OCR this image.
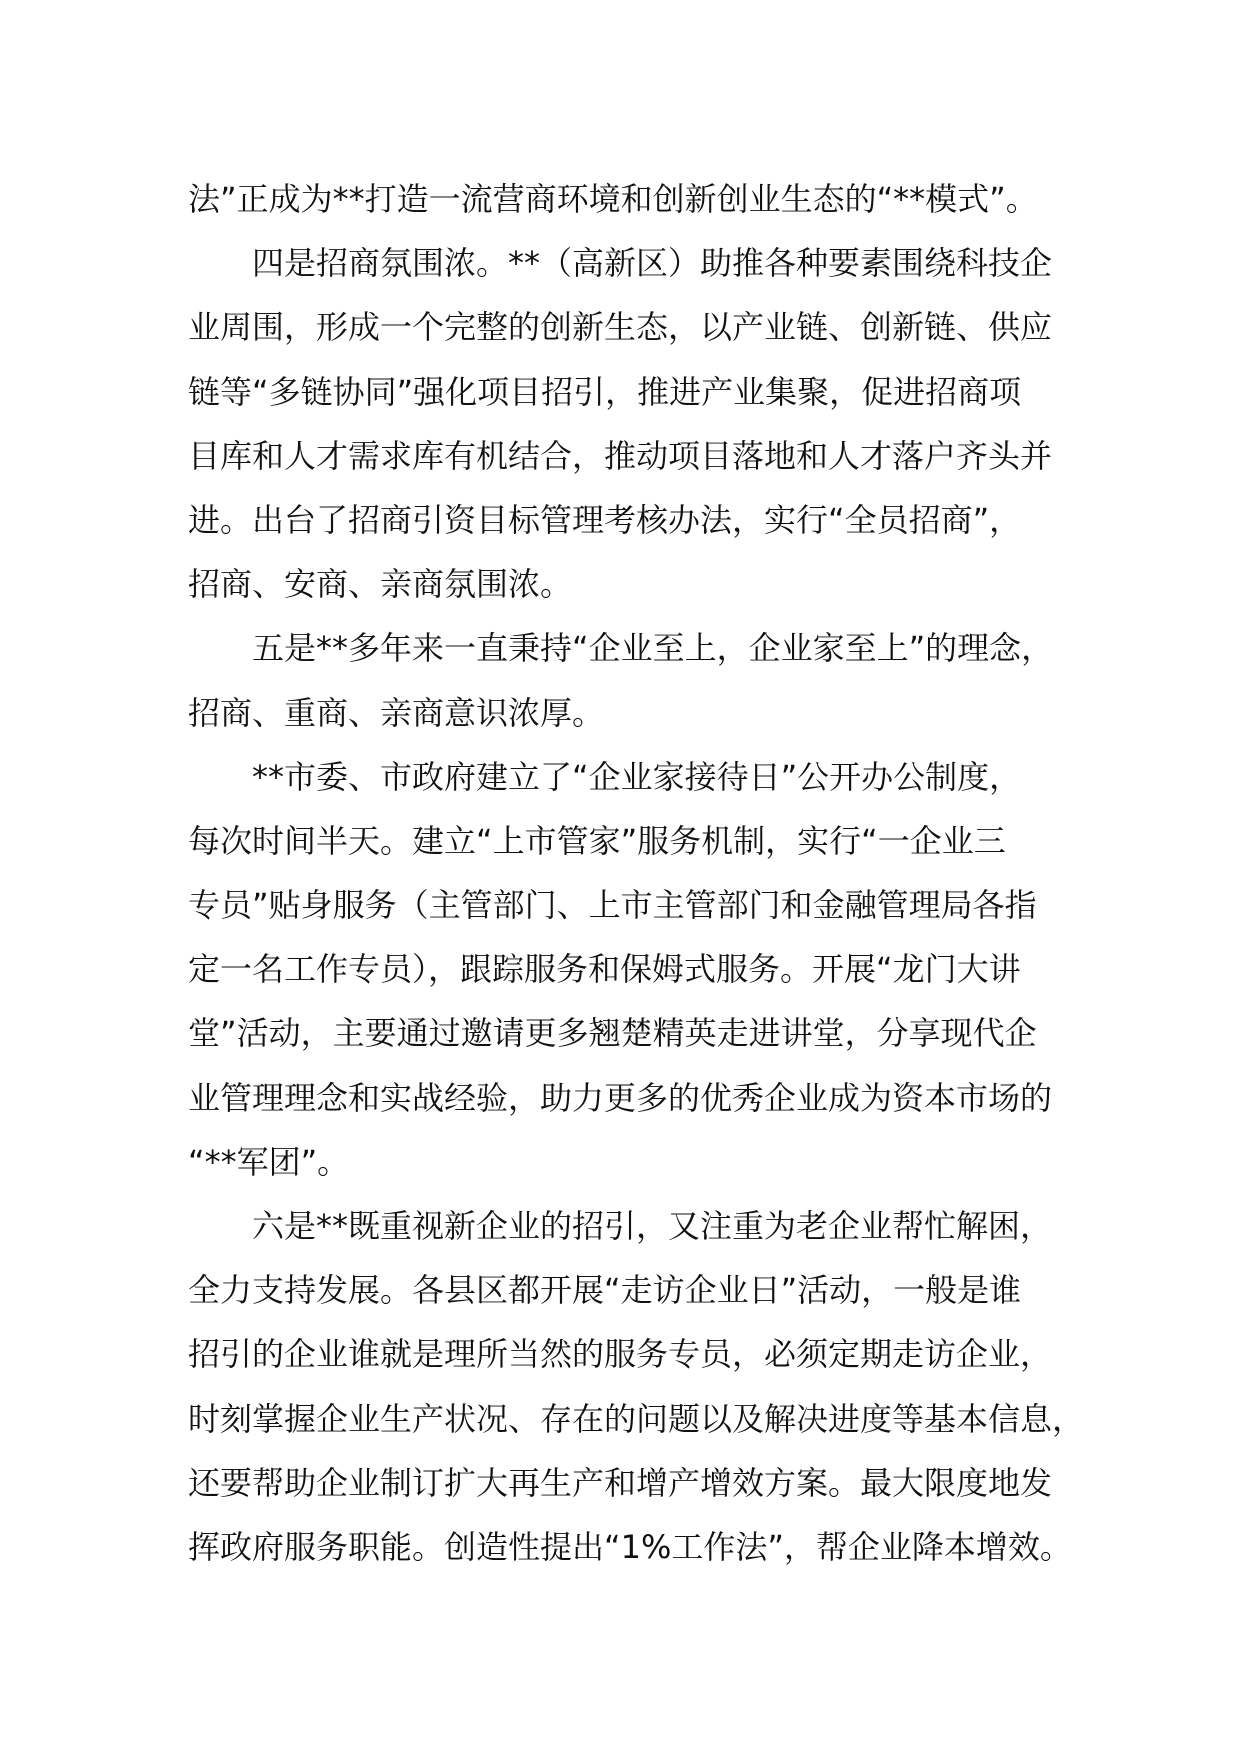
法”正成为**打造一流营商环境和创新创业生态的“**模式”。
四是招商氛围浓。**（高新区）助推各种要素围绕科技企
业周围，形成一个完整的创新生态，以产业链、创新链、供应
链等“多链协同”强化项目招引，推进产业集聚，促进招商项
目库和人才需求库有机结合，推动项目落地和人才落户齐头并
进。出台了招商引资目标管理考核办法，实行“全员招商”，
招商、安商、亲商氛围浓。
五是**多年来一直秉持“企业至上，企业家至上”的理念，
招商、重商、亲商意识浓厚。
**市委、市政府建立了“企业家接待日”公开办公制度，
每次时间半天。建立“上市管家”服务机制，实行“一企业三
专员”贴身服务（主管部门、上市主管部门和金融管理局各指
定一名工作专员），跟踪服务和保姆式服务。开展“龙门大讲
堂”活动，主要通过邀请更多翘楚精英走进讲堂，分享现代企
业管理理念和实战经验，助力更多的优秀企业成为资本市场的
“**军团”。
六是**既重视新企业的招引，又注重为老企业帮忙解困，
全力支持发展。各县区都开展“走访企业日”活动，一般是谁
招引的企业谁就是理所当然的服务专员，必须定期走访企业，
时刻掌握企业生产状况、存在的问题以及解决进度等基本信息，
还要帮助企业制订扩大再生产和增产增效方案。最大限度地发
挥政府服务职能。创造性提出“1%工作法”，帮企业降本增效。
